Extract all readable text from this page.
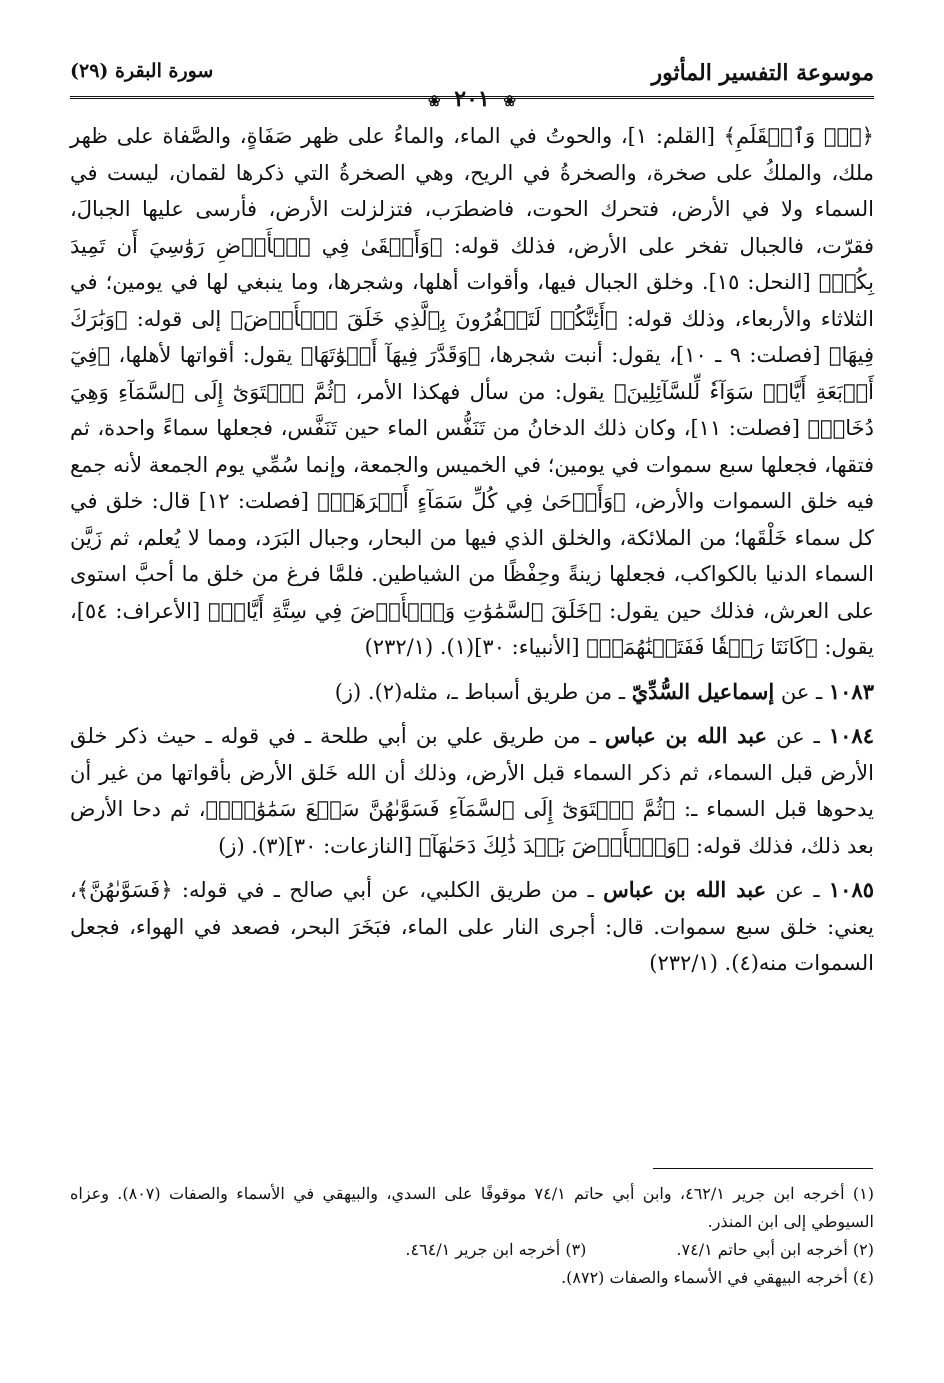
موسوعة التفسير المأثور
❀ ٢٠١ ❀
سورة البقرة (٢٩)

﴿نٓۚ وَٱلۡقَلَمِ﴾ [القلم: ١]، والحوتُ في الماء، والماءُ على ظهر صَفَاةٍ، والصَّفاة على ظهر ملك، والملكُ على صخرة، والصخرةُ في الريح، وهي الصخرةُ التي ذكرها لقمان، ليست في السماء ولا في الأرض، فتحرك الحوت، فاضطرَب، فتزلزلت الأرض، فأرسى عليها الجبالَ، فقرّت، فالجبال تفخر على الأرض، فذلك قوله: ﴿وَأَلۡقَىٰ فِي ٱلۡأَرۡضِ رَوَٰسِيَ أَن تَمِيدَ بِكُمۡ﴾ [النحل: ١٥]. وخلق الجبال فيها، وأقوات أهلها، وشجرها، وما ينبغي لها في يومين؛ في الثلاثاء والأربعاء، وذلك قوله: ﴿أَئِنَّكُمۡ لَتَكۡفُرُونَ بِٱلَّذِي خَلَقَ ٱلۡأَرۡضَ﴾ إلى قوله: ﴿وَبَٰرَكَ فِيهَا﴾ [فصلت: ٩ ـ ١٠]، يقول: أنبت شجرها، ﴿وَقَدَّرَ فِيهَآ أَقۡوَٰتَهَا﴾ يقول: أقواتها لأهلها، ﴿فِيٓ أَرۡبَعَةِ أَيَّامٖ سَوَآءٗ لِّلسَّآئِلِينَ﴾ يقول: من سأل فهكذا الأمر، ﴿ثُمَّ ٱسۡتَوَىٰٓ إِلَى ٱلسَّمَآءِ وَهِيَ دُخَانٞ﴾ [فصلت: ١١]، وكان ذلك الدخانُ من تَنَفُّس الماء حين تَنَفَّس، فجعلها سماءً واحدة، ثم فتقها، فجعلها سبع سموات في يومين؛ في الخميس والجمعة، وإنما سُمِّي يوم الجمعة لأنه جمع فيه خلق السموات والأرض، ﴿وَأَوۡحَىٰ فِي كُلِّ سَمَآءٍ أَمۡرَهَاۚ﴾ [فصلت: ١٢] قال: خلق في كل سماء خَلْقَها؛ من الملائكة، والخلق الذي فيها من البحار، وجبال البَرَد، ومما لا يُعلم، ثم زَيَّن السماء الدنيا بالكواكب، فجعلها زينةً وحِفْظًا من الشياطين. فلمَّا فرغ من خلق ما أحبَّ استوى على العرش، فذلك حين يقول: ﴿خَلَقَ ٱلسَّمَٰوَٰتِ وَٱلۡأَرۡضَ فِي سِتَّةِ أَيَّامٖ﴾ [الأعراف: ٥٤]، يقول: ﴿كَانَتَا رَتۡقٗا فَفَتَقۡنَٰهُمَاۖ﴾ [الأنبياء: ٣٠](١). (٢٣٢/١)

١٠٨٣ ـ عن إسماعيل السُّدِّيّ ـ من طريق أسباط ـ، مثله(٢). (ز)

١٠٨٤ ـ عن عبد الله بن عباس ـ من طريق علي بن أبي طلحة ـ في قوله ـ حيث ذكر خلق الأرض قبل السماء، ثم ذكر السماء قبل الأرض، وذلك أن الله خَلق الأرض بأقواتها من غير أن يدحوها قبل السماء ـ: ﴿ثُمَّ ٱسۡتَوَىٰٓ إِلَى ٱلسَّمَآءِ فَسَوَّىٰهُنَّ سَبۡعَ سَمَٰوَٰتٖۚ﴾، ثم دحا الأرض بعد ذلك، فذلك قوله: ﴿وَٱلۡأَرۡضَ بَعۡدَ ذَٰلِكَ دَحَىٰهَآ﴾ [النازعات: ٣٠](٣). (ز)

١٠٨٥ ـ عن عبد الله بن عباس ـ من طريق الكلبي، عن أبي صالح ـ في قوله: ﴿فَسَوَّىٰهُنَّ﴾، يعني: خلق سبع سموات. قال: أجرى النار على الماء، فبَخَرَ البحر، فصعد في الهواء، فجعل السموات منه(٤). (٢٣٢/١)

(١) أخرجه ابن جرير ٤٦٢/١، وابن أبي حاتم ٧٤/١ موقوفًا على السدي، والبيهقي في الأسماء والصفات (٨٠٧). وعزاه السيوطي إلى ابن المنذر.

(٢) أخرجه ابن أبي حاتم ٧٤/١.

(٣) أخرجه ابن جرير ٤٦٤/١.

(٤) أخرجه البيهقي في الأسماء والصفات (٨٧٢).
